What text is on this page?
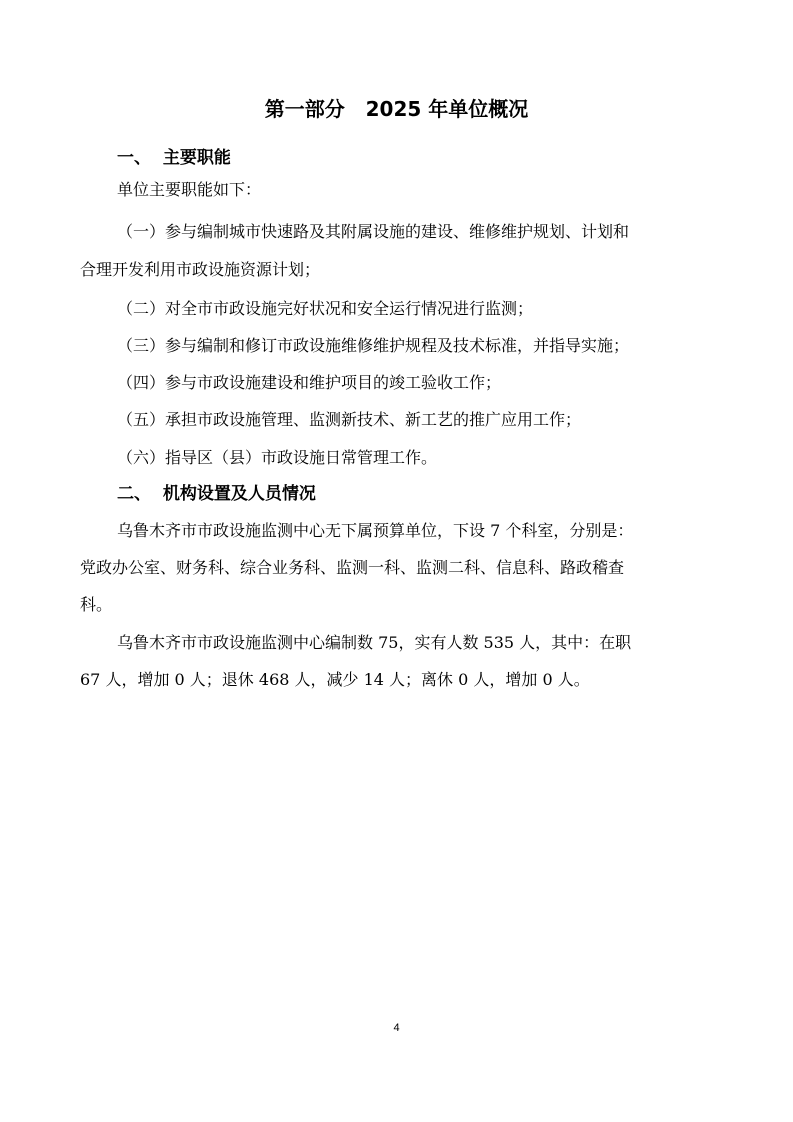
第一部分   2025 年单位概况
一、  主要职能
单位主要职能如下：
（一）参与编制城市快速路及其附属设施的建设、维修维护规划、计划和
合理开发利用市政设施资源计划；
（二）对全市市政设施完好状况和安全运行情况进行监测；
（三）参与编制和修订市政设施维修维护规程及技术标准，并指导实施；
（四）参与市政设施建设和维护项目的竣工验收工作；
（五）承担市政设施管理、监测新技术、新工艺的推广应用工作；
（六）指导区（县）市政设施日常管理工作。
二、  机构设置及人员情况
乌鲁木齐市市政设施监测中心无下属预算单位，下设 7 个科室，分别是：
党政办公室、财务科、综合业务科、监测一科、监测二科、信息科、路政稽查
科。
乌鲁木齐市市政设施监测中心编制数 75，实有人数 535 人，其中：在职
67 人，增加 0 人；退休 468 人，减少 14 人；离休 0 人，增加 0 人。
4
